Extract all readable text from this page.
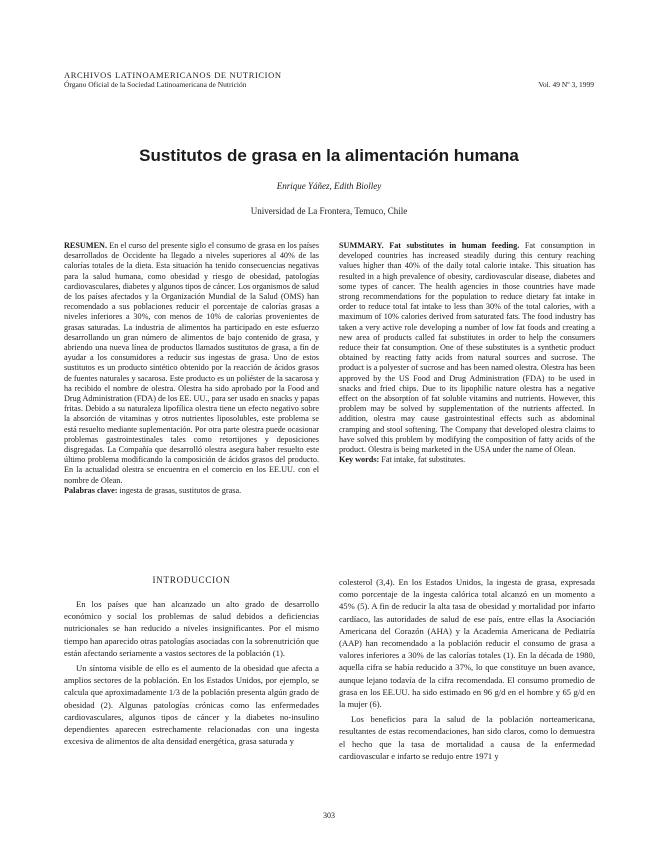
ARCHIVOS LATINOAMERICANOS DE NUTRICION
Órgano Oficial de la Sociedad Latinoamericana de Nutrición	Vol. 49 Nº 3, 1999
Sustitutos de grasa en la alimentación humana
Enrique Yáñez, Edith Biolley
Universidad de La Frontera, Temuco, Chile

RESUMEN. En el curso del presente siglo el consumo de grasa en los países desarrollados de Occidente ha llegado a niveles superiores al 40% de las calorías totales de la dieta. Esta situación ha tenido consecuencias negativas para la salud humana, como obesidad y riesgo de obesidad, patologías cardiovasculares, diabetes y algunos tipos de cáncer. Los organismos de salud de los países afectados y la Organización Mundial de la Salud (OMS) han recomendado a sus poblaciones reducir el porcentaje de calorías grasas a niveles inferiores a 30%, con menos de 10% de calorías provenientes de grasas saturadas. La industria de alimentos ha participado en este esfuerzo desarrollando un gran número de alimentos de bajo contenido de grasa, y abriendo una nueva línea de productos llamados sustitutos de grasa, a fin de ayudar a los consumidores a reducir sus ingestas de grasa. Uno de estos sustitutos es un producto sintético obtenido por la reacción de ácidos grasos de fuentes naturales y sacarosa. Este producto es un poliéster de la sacarosa y ha recibido el nombre de olestra. Olestra ha sido aprobado por la Food and Drug Administration (FDA) de los EE. UU., para ser usado en snacks y papas fritas. Debido a su naturaleza lipofílica olestra tiene un efecto negativo sobre la absorción de vitaminas y otros nutrientes liposolubles, este problema se está resuelto mediante suplementación. Por otra parte olestra puede ocasionar problemas gastrointestinales tales como retortijones y deposiciones disgregadas. La Compañía que desarrolló olestra asegura haber resuelto este último problema modificando la composición de ácidos grasos del producto. En la actualidad olestra se encuentra en el comercio en los EE.UU. con el nombre de Olean.

Palabras clave: ingesta de grasas, sustitutos de grasa.

SUMMARY. Fat substitutes in human feeding. Fat consumption in developed countries has increased steadily during this century reaching values higher than 40% of the daily total calorie intake. This situation has resulted in a high prevalence of obesity, cardiovascular disease, diabetes and some types of cancer. The health agencies in those countries have made strong recommendations for the population to reduce dietary fat intake in order to reduce total fat intake to less than 30% of the total calories, with a maximum of 10% calories derived from saturated fats. The food industry has taken a very active role developing a number of low fat foods and creating a new area of products called fat substitutes in order to help the consumers reduce their fat consumption. One of these substitutes is a synthetic product obtained by reacting fatty acids from natural sources and sucrose. The product is a polyester of sucrose and has been named olestra. Olestra has been approved by the US Food and Drug Administration (FDA) to be used in snacks and fried chips. Due to its lipophilic nature olestra has a negative effect on the absorption of fat soluble vitamins and nutrients. However, this problem may be solved by supplementation of the nutrients affected. In addition, olestra may cause gastrointestinal effects such as abdominal cramping and stool softening. The Company that developed olestra claims to have solved this problem by modifying the composition of fatty acids of the product. Olestra is being marketed in the USA under the name of Olean.

Key words: Fat intake, fat substitutes.

INTRODUCCION

En los países que han alcanzado un alto grado de desarrollo económico y social los problemas de salud debidos a deficiencias nutricionales se han reducido a niveles insignificantes. Por el mismo tiempo han aparecido otras patologías asociadas con la sobrenutrición que están afectando seriamente a vastos sectores de la población (1).

Un síntoma visible de ello es el aumento de la obesidad que afecta a amplios sectores de la población. En los Estados Unidos, por ejemplo, se calcula que aproximadamente 1/3 de la población presenta algún grado de obesidad (2). Algunas patologías crónicas como las enfermedades cardiovasculares, algunos tipos de cáncer y la diabetes no-insulino dependientes aparecen estrechamente relacionadas con una ingesta excesiva de alimentos de alta densidad energética, grasa saturada y

colesterol (3,4). En los Estados Unidos, la ingesta de grasa, expresada como porcentaje de la ingesta calórica total alcanzó en un momento a 45% (5). A fin de reducir la alta tasa de obesidad y mortalidad por infarto cardíaco, las autoridades de salud de ese país, entre ellas la Asociación Americana del Corazón (AHA) y la Academia Americana de Pediatría (AAP) han recomendado a la población reducir el consumo de grasa a valores inferiores a 30% de las calorías totales (1). En la década de 1980, aquella cifra se había reducido a 37%, lo que constituye un buen avance, aunque lejano todavía de la cifra recomendada. El consumo promedio de grasa en los EE.UU. ha sido estimado en 96 g/d en el hombre y 65 g/d en la mujer (6).

Los beneficios para la salud de la población norteamericana, resultantes de estas recomendaciones, han sido claros, como lo demuestra el hecho que la tasa de mortalidad a causa de la enfermedad cardiovascular e infarto se redujo entre 1971 y

303
